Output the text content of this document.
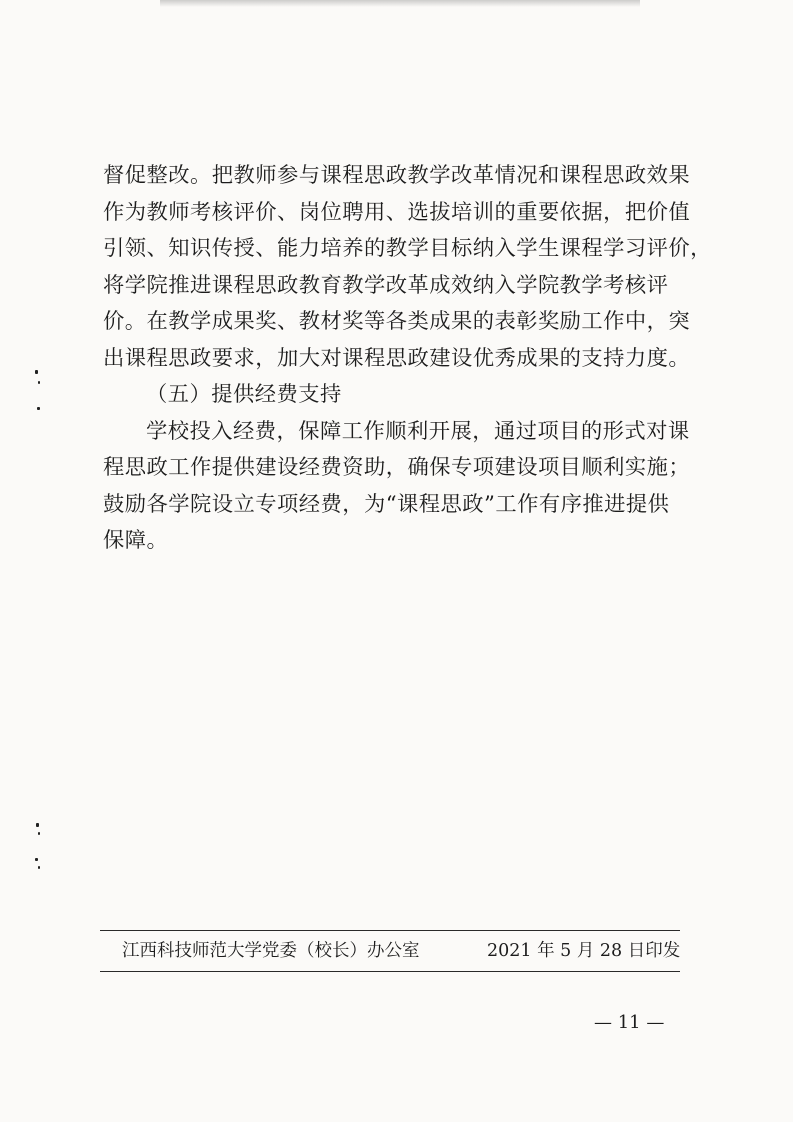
督促整改。把教师参与课程思政教学改革情况和课程思政效果
作为教师考核评价、岗位聘用、选拔培训的重要依据，把价值
引领、知识传授、能力培养的教学目标纳入学生课程学习评价，
将学院推进课程思政教育教学改革成效纳入学院教学考核评
价。在教学成果奖、教材奖等各类成果的表彰奖励工作中，突
出课程思政要求，加大对课程思政建设优秀成果的支持力度。
（五）提供经费支持
学校投入经费，保障工作顺利开展，通过项目的形式对课
程思政工作提供建设经费资助，确保专项建设项目顺利实施；
鼓励各学院设立专项经费，为“课程思政”工作有序推进提供
保障。
江西科技师范大学党委（校长）办公室	2021 年 5 月 28 日印发
— 11 —
